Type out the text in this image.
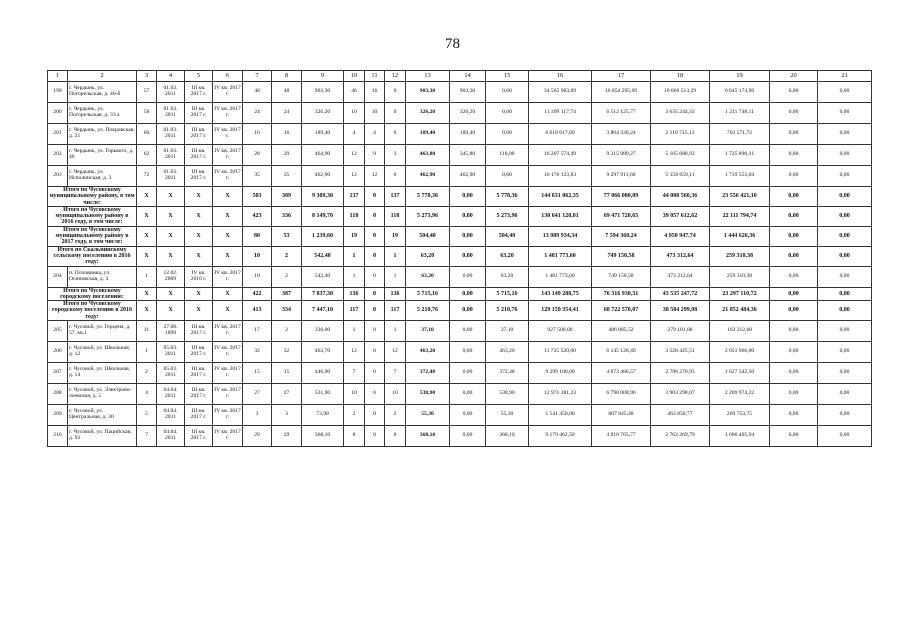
78
1	2	3	4	5	6	7	8	9	10	11	12	13	14	15	16	17	18	19	20	21
199	г. Чердынь, ул. Погорельская, д. 46-б	57	01.03. 2011	III кв. 2017 г.	IV кв. 2017 г.	48	48	903,30	46	16	0	903,30	903,30	0,00	34 565 983,09	16 854 295,69	10 066 513,29	6 645 174,96	0,00	0,00
200	г. Чердынь, ул. Погорельская, д. 33 а	58	01.03. 2011	III кв. 2017 г.	IV кв. 2017 г.	24	24	326,20	10	10	0	326,20	326,20	0,00	11 399 117,74	6 512 125,77	3 635 244,33	1 211 748,11	0,00	0,00
201	г. Чердынь, ул. Покровская, д. 21	60	01.03. 2011	III кв. 2017 г.	IV кв. 2017 г.	16	16	189,40	4	4	0	189,40	189,40	0,00	6 618 617,09	3 804 330,24	2 110 715,13	703 571,72	0,00	0,00
202	г. Чердынь, ул. Горького, д. 46	62	01.03. 2011	III кв. 2017 г.	IV кв. 2017 г.	28	29	464,90	12	9	3	463,80	345,80	118,00	16 207 574,49	9 315 989,27	5 165 688,93	1 725 896,31	0,00	0,00
203	г. Чердынь, ул. Исполинская, д. 3	72	01.03. 2011	III кв. 2017 г.	IV кв. 2017 г.	35	35	462,90	12	12	0	462,90	462,90	0,00	16 176 123,83	9 297 911,68	5 158 659,11	1 719 553,04	0,00	0,00
Итого по Чусовскому муниципальному району, в том числе:		X	X	X	X	503	389	9 309,30	137	0	137	5 778,36	0,00	5 778,36	144 631 062,35	77 066 080,89	44 008 560,36	23 556 421,10	0,00	0,00
Итого по Чусовскому муниципальному району в 2016 году, в том числе:		X	X	X	X	423	336	8 149,70	118	0	118	5 273,96	0,00	5 273,96	130 641 128,01	69 471 720,65	39 057 612,62	22 111 794,74	0,00	0,00
Итого по Чусовскому муниципальному району в 2017 году, в том числе:		X	X	X	X	80	53	1 239,60	19	0	19	504,40	0,00	504,40	13 989 934,34	7 594 360,24	4 950 947,74	1 444 626,36	0,00	0,00
Итого по Скальнинскому сельскому поселению в 2016 году:		X	X	X	X	10	2	542,40	1	0	1	63,20	0,00	63,20	1 481 773,60	749 150,58	473 312,64	259 310,38	0,00	0,00
204	п. Половинка, ул. Осиновская, д. 3	1	12.02. 2009	IV кв. 2016 г.	IV кв. 2017 г.	10	2	542,40	1	0	1	63,20	0,00	63,20	1 481 773,60	749 150,58	473 312,64	259 310,38	0,00	0,00
Итого по Чусовскому городскому поселению:		X	X	X	X	422	387	7 837,30	136	0	136	5 715,16	0,00	5 715,16	143 149 288,75	76 316 930,31	43 535 247,72	23 297 110,72	0,00	0,00
Итого по Чусовскому городскому поселению в 2016 году:		X	X	X	X	413	334	7 447,10	117	0	117	5 210,76	0,00	5 210,76	129 159 354,41	68 722 570,07	38 584 299,98	21 852 484,36	0,00	0,00
205	г. Чусовой, ул. Герцена, д. 57, кв.1	11	27.08. 1899	III кв. 2017 г.	IV кв. 2017 г.	17	2	336,00	1	0	1	37,10	0,00	37,10	927 500,00	486 085,52	279 101,88	162 312,60	0,00	0,00
206	г. Чусовой, ул. Школьная, д. 12	1	05.03. 2011	III кв. 2017 г.	IV кв. 2017 г.	32	32	463,70	12	0	12	463,20	0,00	463,20	11 725 520,00	6 145 128,49	3 528 425,51	2 051 966,00	0,00	0,00
207	г. Чусовой, ул. Школьная, д. 14	2	05.03. 2011	III кв. 2017 г.	IV кв. 2017 г.	15	15	446,90	7	0	7	372,48	0,00	372,48	9 299 100,00	4 873 486,57	2 798 270,93	1 627 342,50	0,00	0,00
208	г. Чусовой, ул. Электрово-лоевская, д. 5	4	04.04. 2011	III кв. 2017 г.	IV кв. 2017 г.	27	27	531,90	10	0	10	538,90	0,00	538,90	12 971 281,23	6 798 008,96	3 903 298,07	2 269 974,22	0,00	0,00
209	г. Чусовой, ул. Центральная, д. 30	5	04.04. 2011	III кв. 2017 г.	IV кв. 2017 г.	3	3	73,90	2	0	2	55,30	0,00	55,30	1 541 450,00	807 845,48	463 850,77	269 753,75	0,00	0,00
210	г. Чусовой, ул. Пацийская, д. 92	7	04.04. 2011	III кв. 2017 г.	IV кв. 2017 г.	29	29	368,10	8	0	8	368,10	0,00	368,10	9 179 462,50	4 810 765,77	2 762 269,79	1 606 405,94	0,00	0,00
